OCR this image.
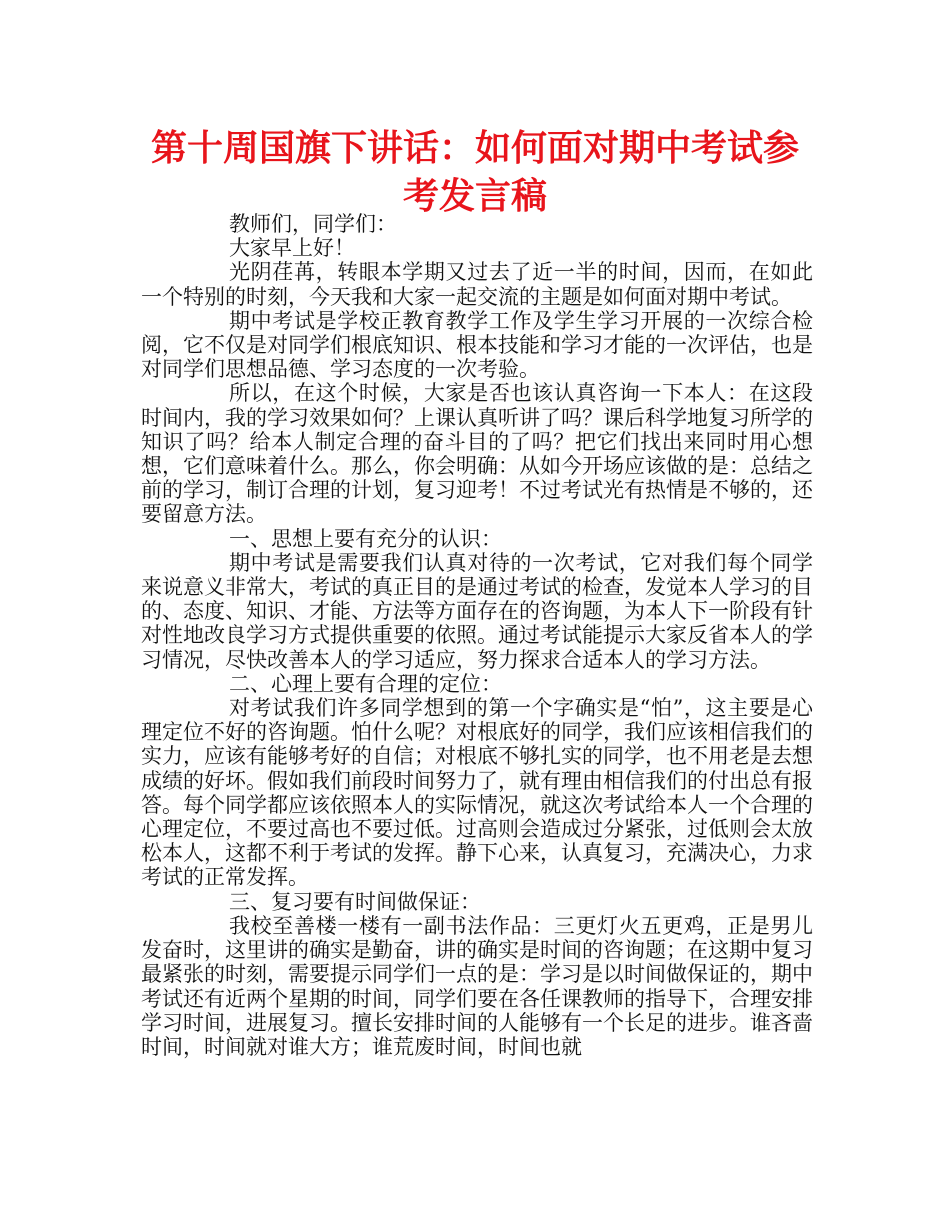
第十周国旗下讲话：如何面对期中考试参考发言稿

教师们，同学们：

大家早上好！

光阴荏苒，转眼本学期又过去了近一半的时间，因而，在如此一个特别的时刻，今天我和大家一起交流的主题是如何面对期中考试。

期中考试是学校正教育教学工作及学生学习开展的一次综合检阅，它不仅是对同学们根底知识、根本技能和学习才能的一次评估，也是对同学们思想品德、学习态度的一次考验。

所以，在这个时候，大家是否也该认真咨询一下本人：在这段时间内，我的学习效果如何？上课认真听讲了吗？课后科学地复习所学的知识了吗？给本人制定合理的奋斗目的了吗？把它们找出来同时用心想想，它们意味着什么。那么，你会明确：从如今开场应该做的是：总结之前的学习，制订合理的计划，复习迎考！不过考试光有热情是不够的，还要留意方法。

一、思想上要有充分的认识：

期中考试是需要我们认真对待的一次考试，它对我们每个同学来说意义非常大，考试的真正目的是通过考试的检查，发觉本人学习的目的、态度、知识、才能、方法等方面存在的咨询题，为本人下一阶段有针对性地改良学习方式提供重要的依照。通过考试能提示大家反省本人的学习情况，尽快改善本人的学习适应，努力探求合适本人的学习方法。

二、心理上要有合理的定位：

对考试我们许多同学想到的第一个字确实是“怕”，这主要是心理定位不好的咨询题。怕什么呢？对根底好的同学，我们应该相信我们的实力，应该有能够考好的自信；对根底不够扎实的同学，也不用老是去想成绩的好坏。假如我们前段时间努力了，就有理由相信我们的付出总有报答。每个同学都应该依照本人的实际情况，就这次考试给本人一个合理的心理定位，不要过高也不要过低。过高则会造成过分紧张，过低则会太放松本人，这都不利于考试的发挥。静下心来，认真复习，充满决心，力求考试的正常发挥。

三、复习要有时间做保证：

我校至善楼一楼有一副书法作品：三更灯火五更鸡，正是男儿发奋时，这里讲的确实是勤奋，讲的确实是时间的咨询题；在这期中复习最紧张的时刻，需要提示同学们一点的是：学习是以时间做保证的，期中考试还有近两个星期的时间，同学们要在各任课教师的指导下，合理安排学习时间，进展复习。擅长安排时间的人能够有一个长足的进步。谁吝啬时间，时间就对谁大方；谁荒废时间，时间也就
